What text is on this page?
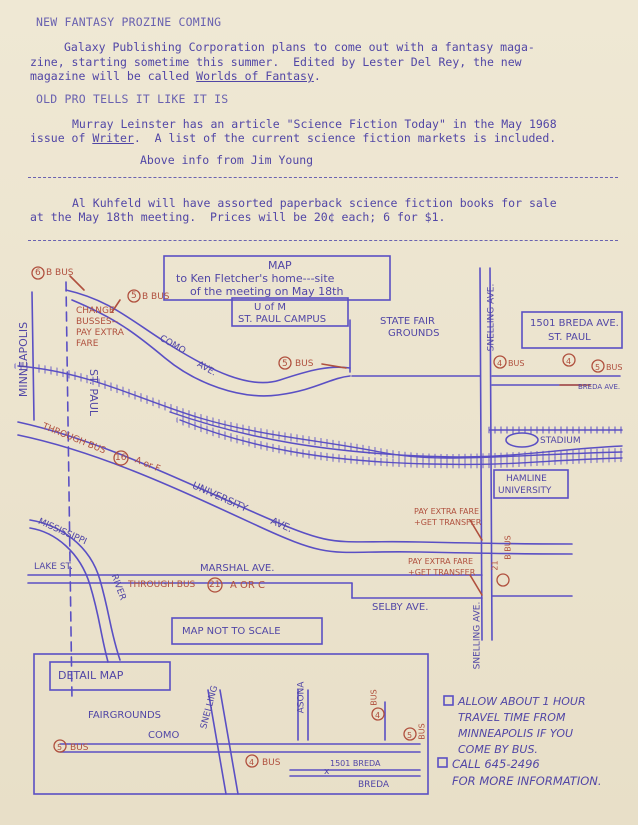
NEW FANTASY PROZINE COMING
Galaxy Publishing Corporation plans to come out with a fantasy maga-
zine, starting sometime this summer.  Edited by Lester Del Rey, the new
magazine will be called Worlds of Fantasy.
OLD PRO TELLS IT LIKE IT IS
Murray Leinster has an article "Science Fiction Today" in the May 1968
issue of Writer.  A list of the current science fiction markets is included.
Above info from Jim Young
Al Kuhfeld will have assorted paperback science fiction books for sale
at the May 18th meeting.  Prices will be 20¢ each; 6 for $1.
MAP
to Ken Fletcher's home---site
of the meeting on May 18th
U of M
ST. PAUL CAMPUS	STATE FAIR
GROUNDS
1501 BREDA AVE.
ST. PAUL
6 B BUS
5 B BUS
CHANGE
BUSSES--
PAY EXTRA
FARE
MINNEAPOLIS	ST. PAUL
COMO
AVE.	5 BUS
SNELLING AVE.
4 BUS	4
5 BUS
BREDA AVE.
STADIUM
HAMLINE
UNIVERSITY
THROUGH BUS
16 A or F
UNIVERSITY
AVE.
PAY EXTRA FARE
+GET TRANSFER
MISSISSIPPI
RIVER
LAKE ST.	MARSHAL AVE.
PAY EXTRA FARE
+GET TRANSFER
THROUGH BUS 21 A OR C
21
B BUS
SELBY AVE.
MAP NOT TO SCALE	SNELLING AVE.
DETAIL MAP
FAIRGROUNDS	SNELLING	ASONA
COMO
5 BUS
4 BUS
4
BUS
5 BUS
1501 BREDA
x
BREDA
ALLOW ABOUT 1 HOUR
TRAVEL TIME FROM
MINNEAPOLIS IF YOU
COME BY BUS.
CALL 645-2496
FOR MORE INFORMATION.
